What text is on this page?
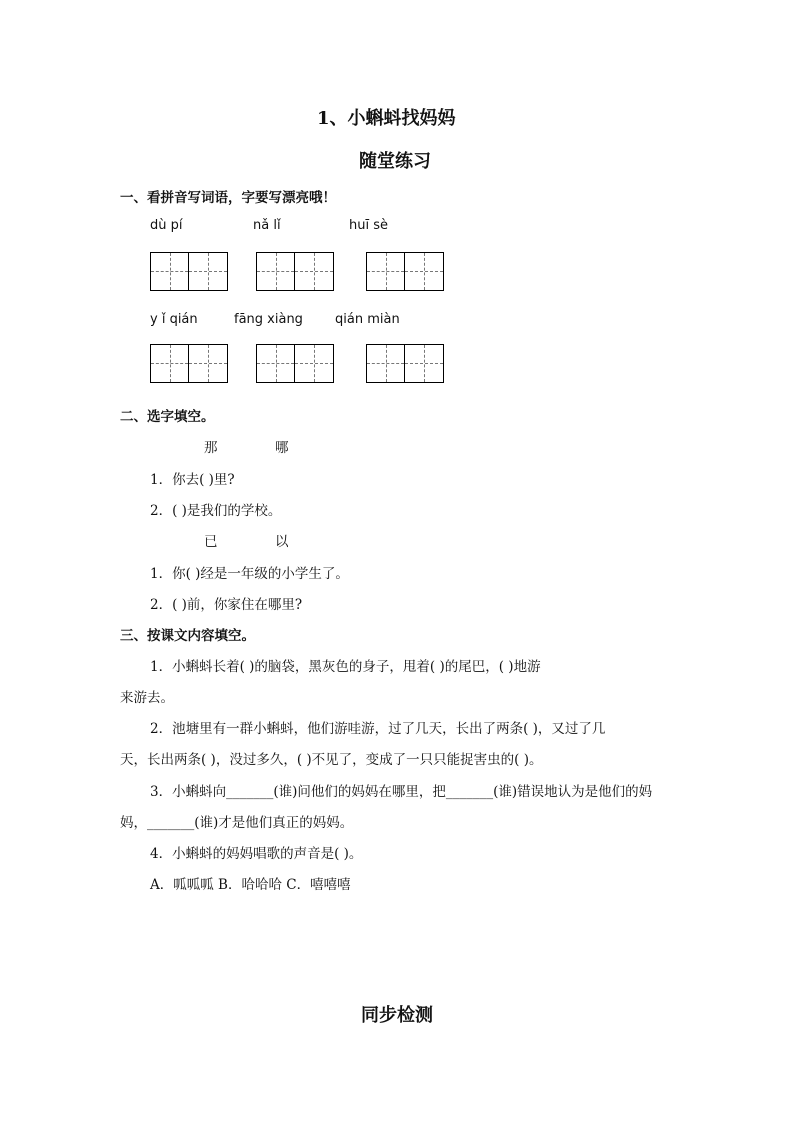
1、小蝌蚪找妈妈
随堂练习
一、看拼音写词语，字要写漂亮哦！
dù pí	nǎ lǐ	huī sè
y ǐ qián	fāng xiàng qián miàn
二、选字填空。
那	哪
1．你去( )里?
2．( )是我们的学校。
已	以
1．你( )经是一年级的小学生了。
2．( )前，你家住在哪里?
三、按课文内容填空。
1．小蝌蚪长着( )的脑袋，黑灰色的身子，甩着( )的尾巴，( )地游
来游去。
2．池塘里有一群小蝌蚪，他们游哇游，过了几天，长出了两条( )，又过了几
天，长出两条( )，没过多久，( )不见了，变成了一只只能捉害虫的( )。
3．小蝌蚪向_______(谁)问他们的妈妈在哪里，把_______(谁)错误地认为是他们的妈
妈，_______(谁)才是他们真正的妈妈。
4．小蝌蚪的妈妈唱歌的声音是( )。
A．呱呱呱 B．哈哈哈 C．嘻嘻嘻
同步检测
